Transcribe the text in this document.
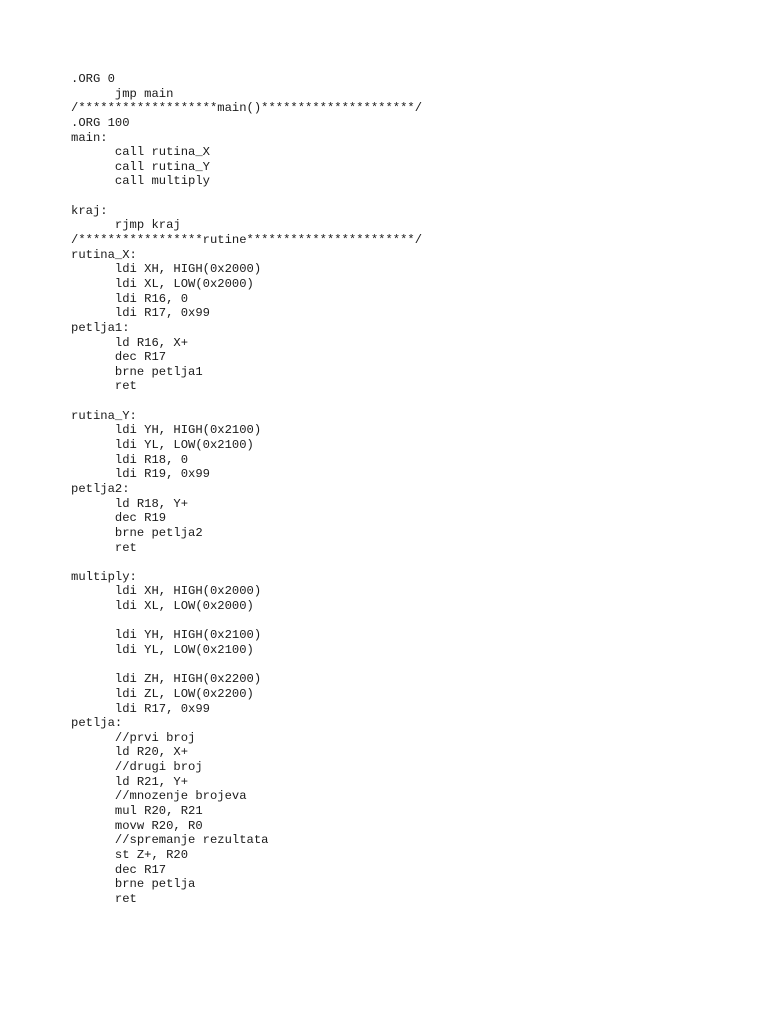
.ORG 0
jmp main
/*******************main()*********************/
.ORG 100
main:
call rutina_X
call rutina_Y
call multiply
kraj:
rjmp kraj
/*****************rutine***********************/
rutina_X:
ldi XH, HIGH(0x2000)
ldi XL, LOW(0x2000)
ldi R16, 0
ldi R17, 0x99
petlja1:
ld R16, X+
dec R17
brne petlja1
ret
rutina_Y:
ldi YH, HIGH(0x2100)
ldi YL, LOW(0x2100)
ldi R18, 0
ldi R19, 0x99
petlja2:
ld R18, Y+
dec R19
brne petlja2
ret
multiply:
ldi XH, HIGH(0x2000)
ldi XL, LOW(0x2000)
ldi YH, HIGH(0x2100)
ldi YL, LOW(0x2100)
ldi ZH, HIGH(0x2200)
ldi ZL, LOW(0x2200)
ldi R17, 0x99
petlja:
//prvi broj
ld R20, X+
//drugi broj
ld R21, Y+
//mnozenje brojeva
mul R20, R21
movw R20, R0
//spremanje rezultata
st Z+, R20
dec R17
brne petlja
ret
